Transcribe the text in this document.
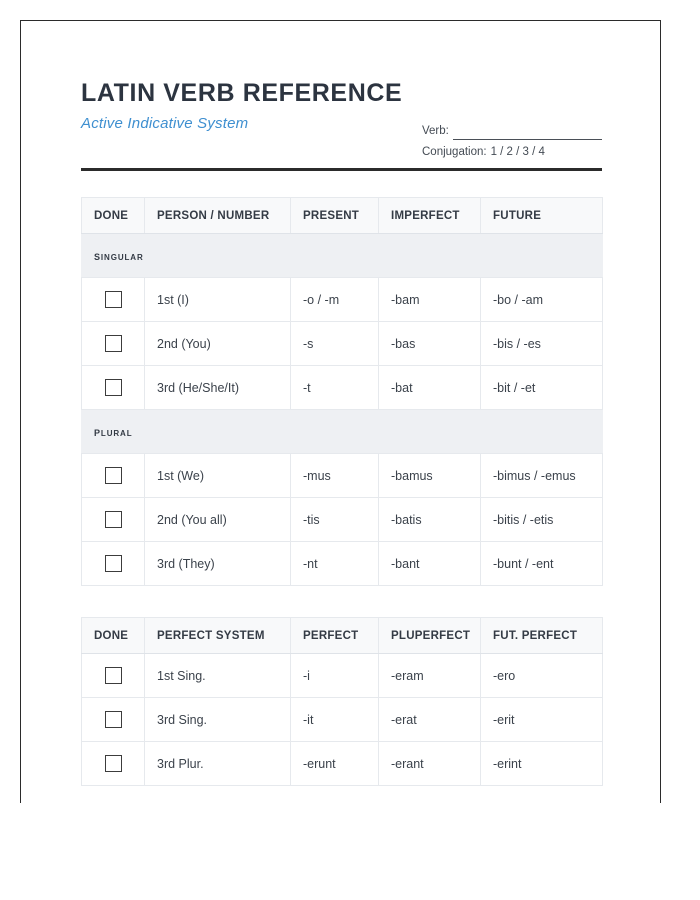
LATIN VERB REFERENCE
Active Indicative System	Verb:
Conjugation: 1 / 2 / 3 / 4
DONE	PERSON / NUMBER	PRESENT	IMPERFECT	FUTURE
singular				
	1st (I)	-o / -m	-bam	-bo / -am
	2nd (You)	-s	-bas	-bis / -es
	3rd (He/She/It)	-t	-bat	-bit / -et
plural				
	1st (We)	-mus	-bamus	-bimus / -emus
	2nd (You all)	-tis	-batis	-bitis / -etis
	3rd (They)	-nt	-bant	-bunt / -ent
DONE	PERFECT SYSTEM	PERFECT	PLUPERFECT	FUT. PERFECT
	1st Sing.	-i	-eram	-ero
	3rd Sing.	-it	-erat	-erit
	3rd Plur.	-erunt	-erant	-erint
